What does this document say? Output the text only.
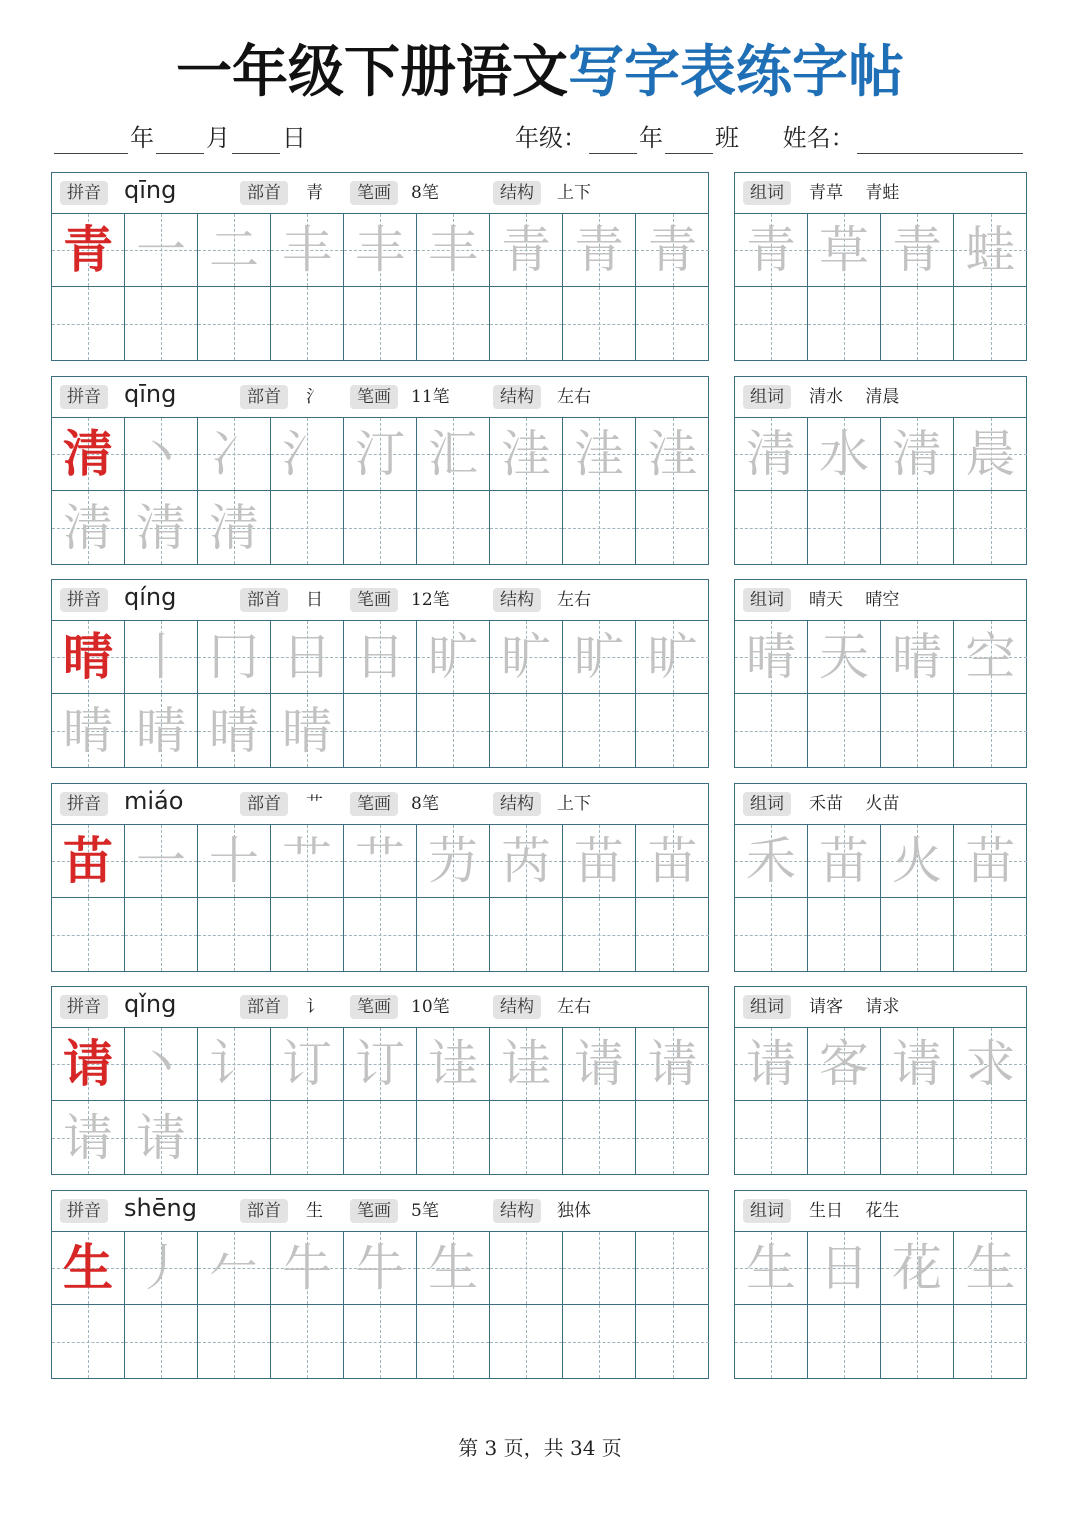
一年级下册语文写字表练字帖
年 月 日	年级： 年 班 姓名：
拼音 qīng	部首	青	笔画	8笔	结构	上下
青 一 二 丰 丰 丰 青 青 青
组词	青草　 青蛙
青 草 青 蛙
拼音 qīng	部首	氵	笔画	11笔	结构	左右
清 丶 冫 氵 汀 汇 洼 洼 洼
清 清 清
组词	清水　 清晨
清 水 清 晨
拼音 qíng	部首	日	笔画	12笔	结构	左右
晴 丨 冂 日 日 旷 旷 旷 旷
晴 晴 晴 晴
组词	晴天　 晴空
晴 天 晴 空
拼音 miáo	部首	艹	笔画	8笔	结构	上下
苗 一 十 艹 艹 芀 芮 苗 苗
组词	禾苗　 火苗
禾 苗 火 苗
拼音 qǐng	部首	讠	笔画	10笔	结构	左右
请 丶 讠 订 订 诖 诖 请 请
请 请
组词	请客　 请求
请 客 请 求
拼音 shēng	部首	生	笔画	5笔	结构	独体
生 丿 𠂉 牛 牛 生
组词	生日　 花生
生 日 花 生
第 3 页，共 34 页
